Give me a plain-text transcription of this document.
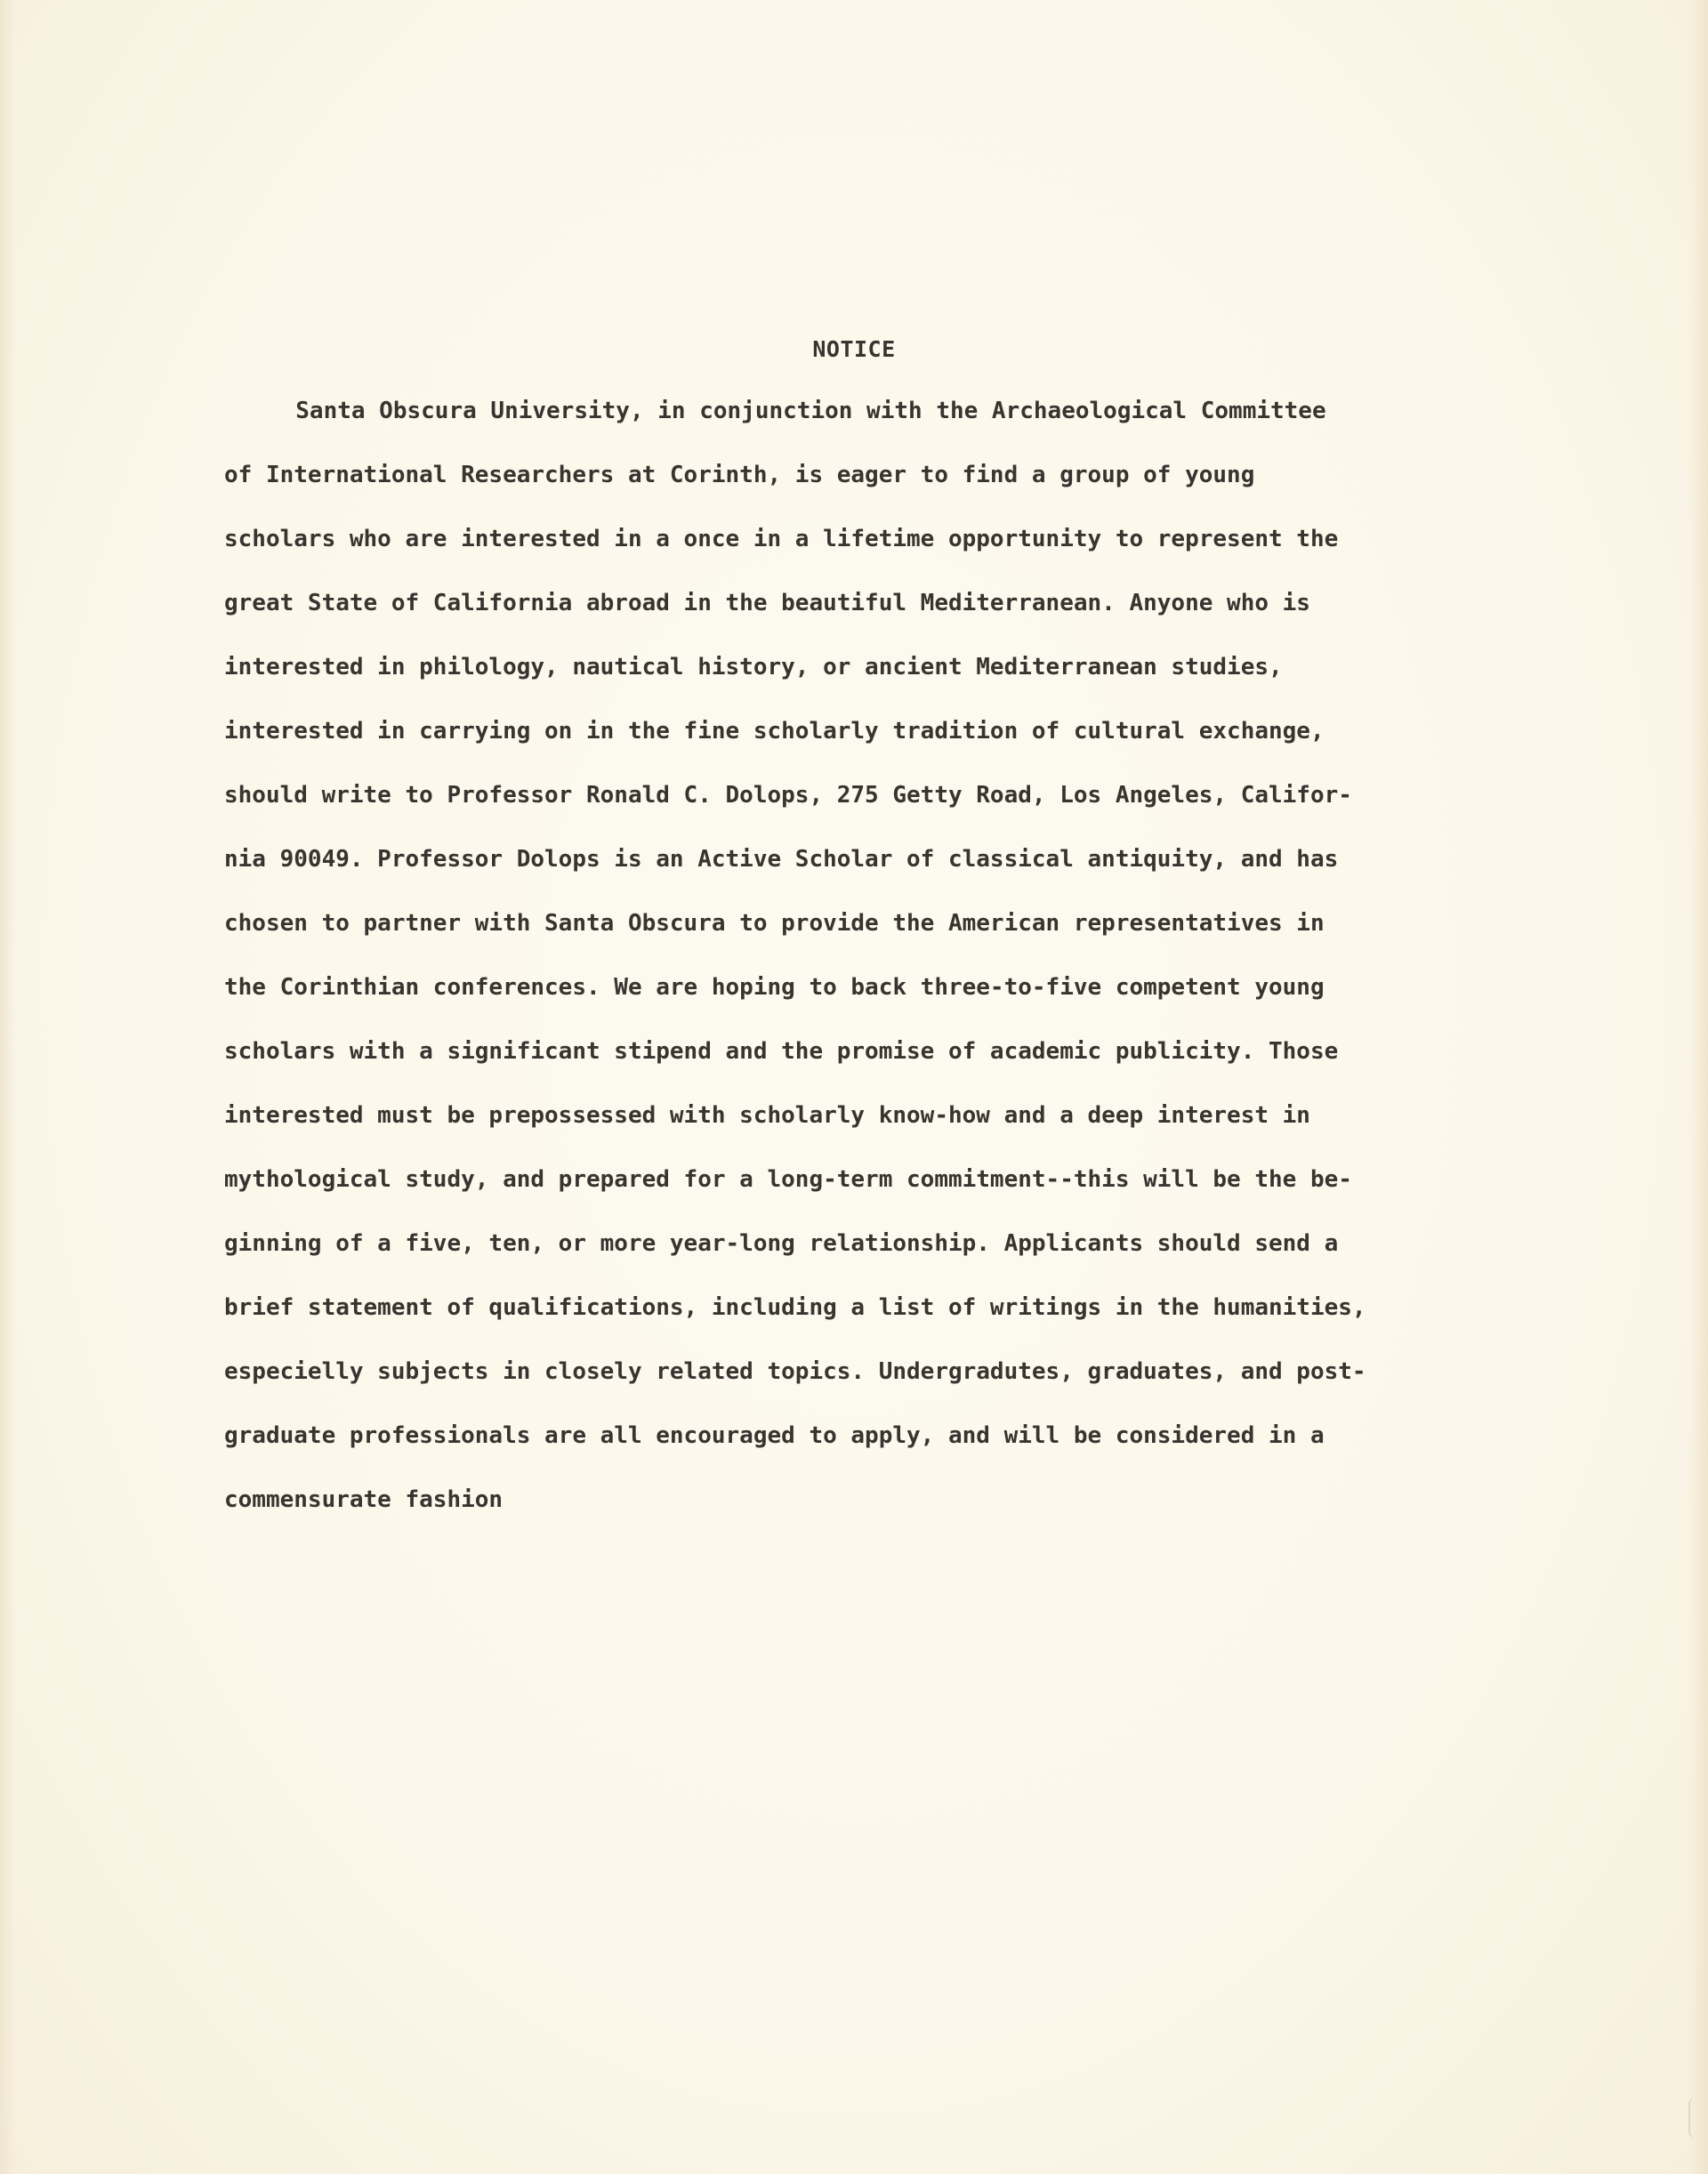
NOTICE
Santa Obscura University, in conjunction with the Archaeological Committee
of International Researchers at Corinth, is eager to find a group of young
scholars who are interested in a once in a lifetime opportunity to represent the
great State of California abroad in the beautiful Mediterranean. Anyone who is
interested in philology, nautical history, or ancient Mediterranean studies,
interested in carrying on in the fine scholarly tradition of cultural exchange,
should write to Professor Ronald C. Dolops, 275 Getty Road, Los Angeles, Califor-
nia 90049. Professor Dolops is an Active Scholar of classical antiquity, and has
chosen to partner with Santa Obscura to provide the American representatives in
the Corinthian conferences. We are hoping to back three-to-five competent young
scholars with a significant stipend and the promise of academic publicity. Those
interested must be prepossessed with scholarly know-how and a deep interest in
mythological study, and prepared for a long-term commitment--this will be the be-
ginning of a five, ten, or more year-long relationship. Applicants should send a
brief statement of qualifications, including a list of writings in the humanities,
especielly subjects in closely related topics. Undergradutes, graduates, and post-
graduate professionals are all encouraged to apply, and will be considered in a
commensurate fashion
